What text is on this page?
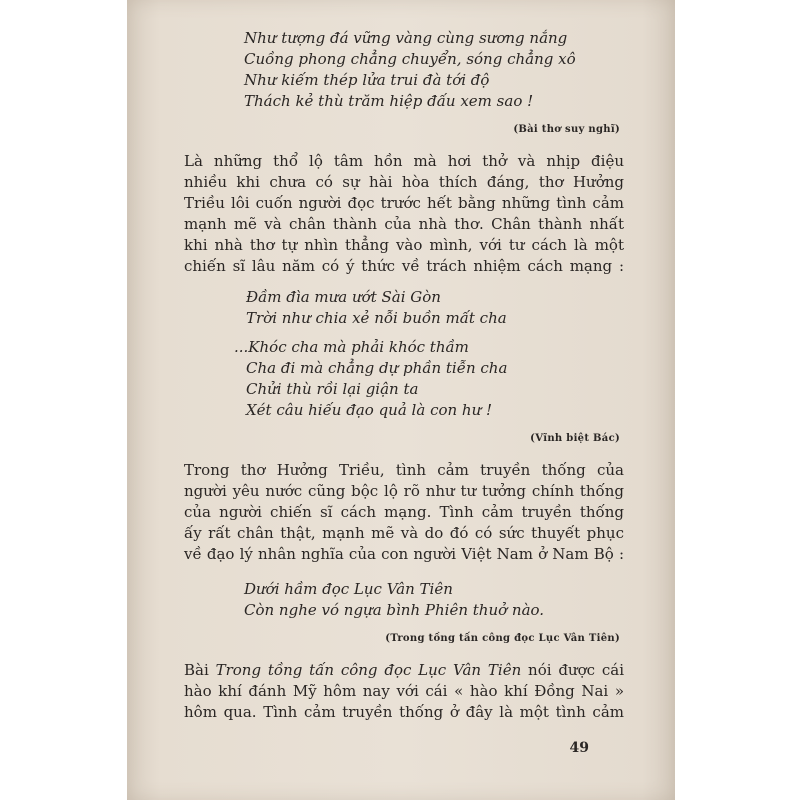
Như tượng đá vững vàng cùng sương nắng
Cuồng phong chẳng chuyển, sóng chẳng xô
Như kiếm thép lửa trui đà tới độ
Thách kẻ thù trăm hiệp đấu xem sao !
(Bài thơ suy nghĩ)
Là những thổ lộ tâm hồn mà hơi thở và nhịp điệu
nhiều khi chưa có sự hài hòa thích đáng, thơ Hưởng
Triều lôi cuốn người đọc trước hết bằng những tình cảm
mạnh mẽ và chân thành của nhà thơ. Chân thành nhất
khi nhà thơ tự nhìn thẳng vào mình, với tư cách là một
chiến sĩ lâu năm có ý thức về trách nhiệm cách mạng :
Đầm đìa mưa ướt Sài Gòn
Trời như chia xẻ nỗi buồn mất cha
...Khóc cha mà phải khóc thầm
Cha đi mà chẳng dự phần tiễn cha
Chửi thù rồi lại giận ta
Xét câu hiếu đạo quả là con hư !
(Vĩnh biệt Bác)
Trong thơ Hưởng Triều, tình cảm truyền thống của
người yêu nước cũng bộc lộ rõ như tư tưởng chính thống
của người chiến sĩ cách mạng. Tình cảm truyền thống
ấy rất chân thật, mạnh mẽ và do đó có sức thuyết phục
về đạo lý nhân nghĩa của con người Việt Nam ở Nam Bộ :
Dưới hầm đọc Lục Vân Tiên
Còn nghe vó ngựa bình Phiên thuở nào.
(Trong tồng tấn công đọc Lục Vân Tiên)
Bài Trong tồng tấn công đọc Lục Vân Tiên nói được cái
hào khí đánh Mỹ hôm nay với cái « hào khí Đồng Nai »
hôm qua. Tình cảm truyền thống ở đây là một tình cảm
49
